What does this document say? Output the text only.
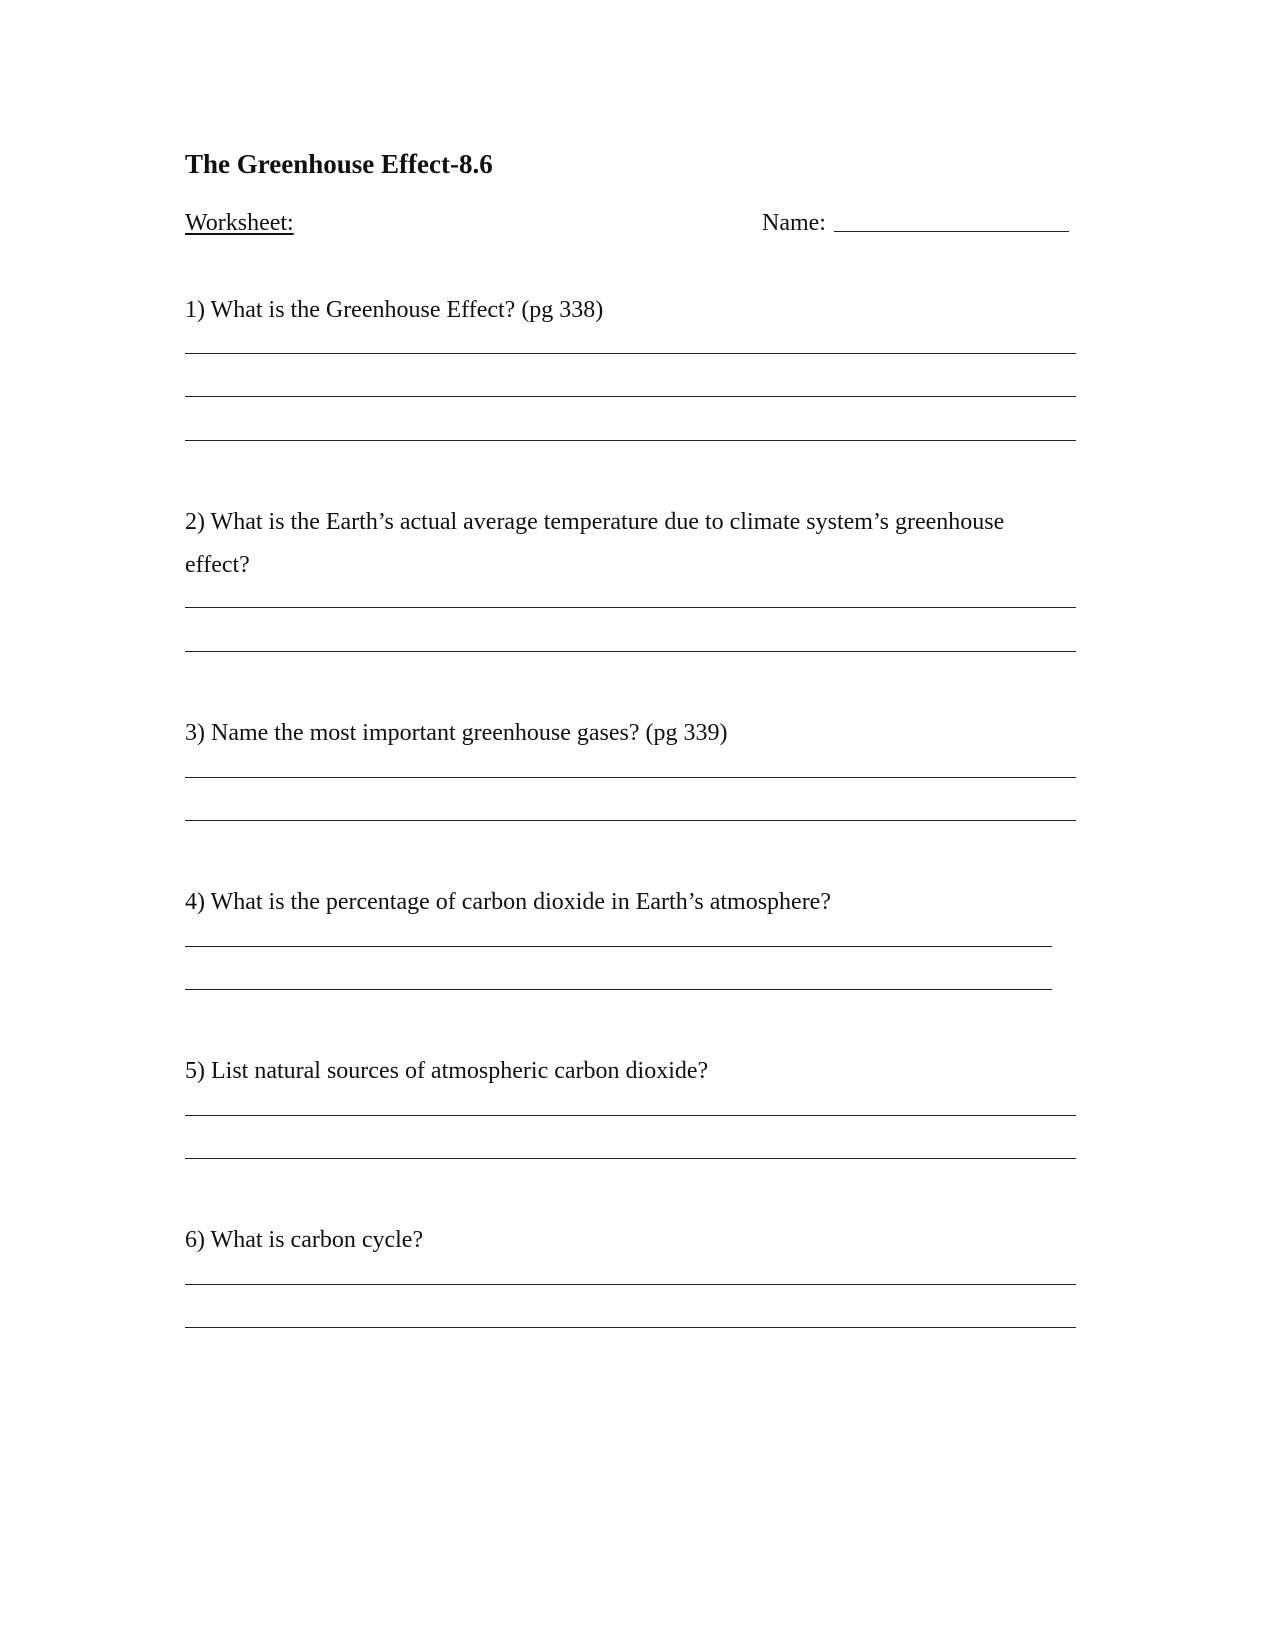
The Greenhouse Effect-8.6
Worksheet:	Name:
1) What is the Greenhouse Effect? (pg 338)
2) What is the Earth’s actual average temperature due to climate system’s greenhouse
effect?
3) Name the most important greenhouse gases? (pg 339)
4) What is the percentage of carbon dioxide in Earth’s atmosphere?
5) List natural sources of atmospheric carbon dioxide?
6) What is carbon cycle?
